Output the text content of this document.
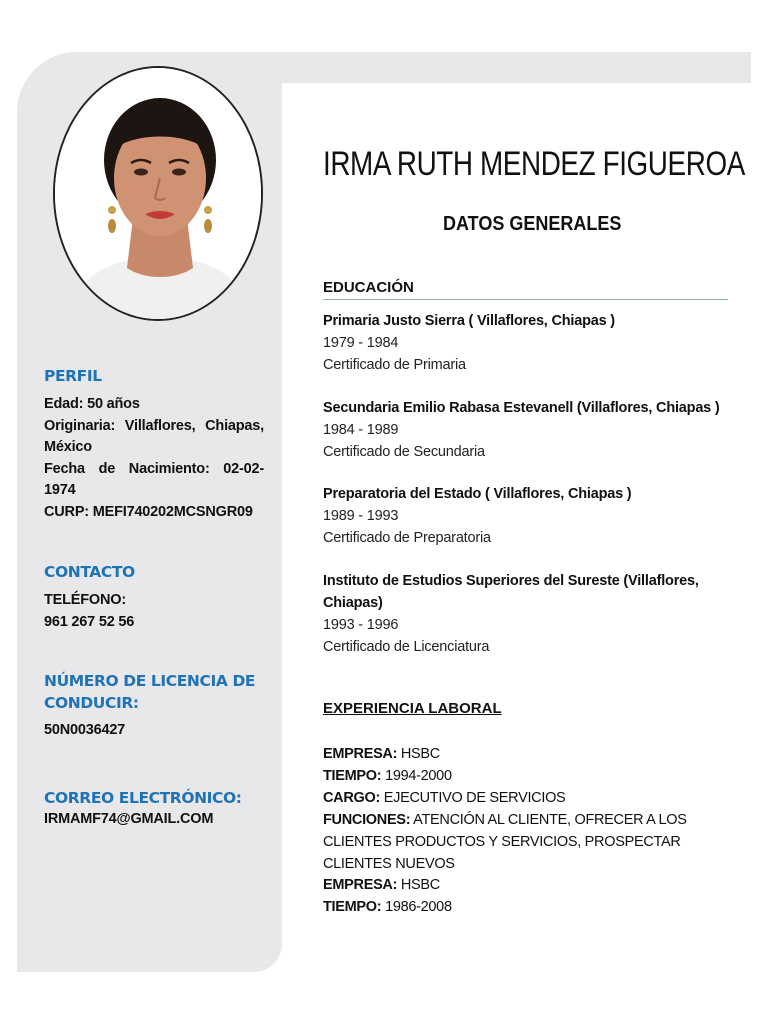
PERFIL
Edad: 50 años
Originaria: Villaflores, Chiapas, México
Fecha de Nacimiento: 02-02-1974
CURP: MEFI740202MCSNGR09
CONTACTO
TELÉFONO:
961 267 52 56
NÚMERO DE LICENCIA DE CONDUCIR:
50N0036427
CORREO ELECTRÓNICO:
IRMAMF74@GMAIL.COM
IRMA RUTH MENDEZ FIGUEROA
DATOS GENERALES
EDUCACIÓN
Primaria Justo Sierra ( Villaflores, Chiapas )
1979 - 1984
Certificado de Primaria
Secundaria Emilio Rabasa Estevanell (Villaflores, Chiapas )
1984 - 1989
Certificado de Secundaria
Preparatoria del Estado ( Villaflores, Chiapas )
1989 - 1993
Certificado de Preparatoria
Instituto de Estudios Superiores del Sureste (Villaflores, Chiapas)
1993 - 1996
Certificado de Licenciatura
EXPERIENCIA LABORAL
EMPRESA: HSBC
TIEMPO: 1994-2000
CARGO: EJECUTIVO DE SERVICIOS
FUNCIONES: ATENCIÓN AL CLIENTE, OFRECER A LOS CLIENTES PRODUCTOS Y SERVICIOS, PROSPECTAR CLIENTES NUEVOS
EMPRESA: HSBC
TIEMPO: 1986-2008
